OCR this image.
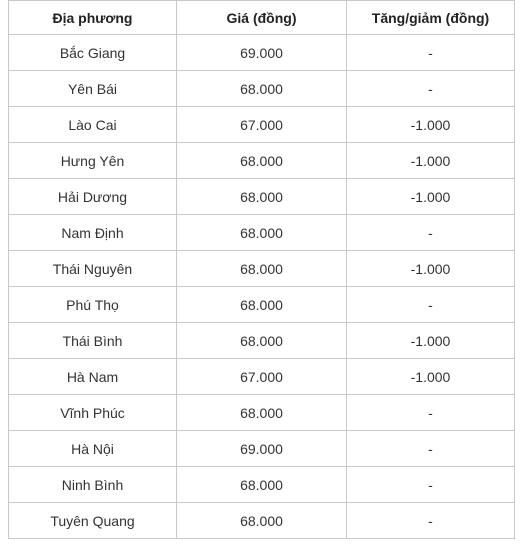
Địa phương	Giá (đồng)	Tăng/giảm (đồng)
Bắc Giang	69.000	-
Yên Bái	68.000	-
Lào Cai	67.000	-1.000
Hưng Yên	68.000	-1.000
Hải Dương	68.000	-1.000
Nam Định	68.000	-
Thái Nguyên	68.000	-1.000
Phú Thọ	68.000	-
Thái Bình	68.000	-1.000
Hà Nam	67.000	-1.000
Vĩnh Phúc	68.000	-
Hà Nội	69.000	-
Ninh Bình	68.000	-
Tuyên Quang	68.000	-
